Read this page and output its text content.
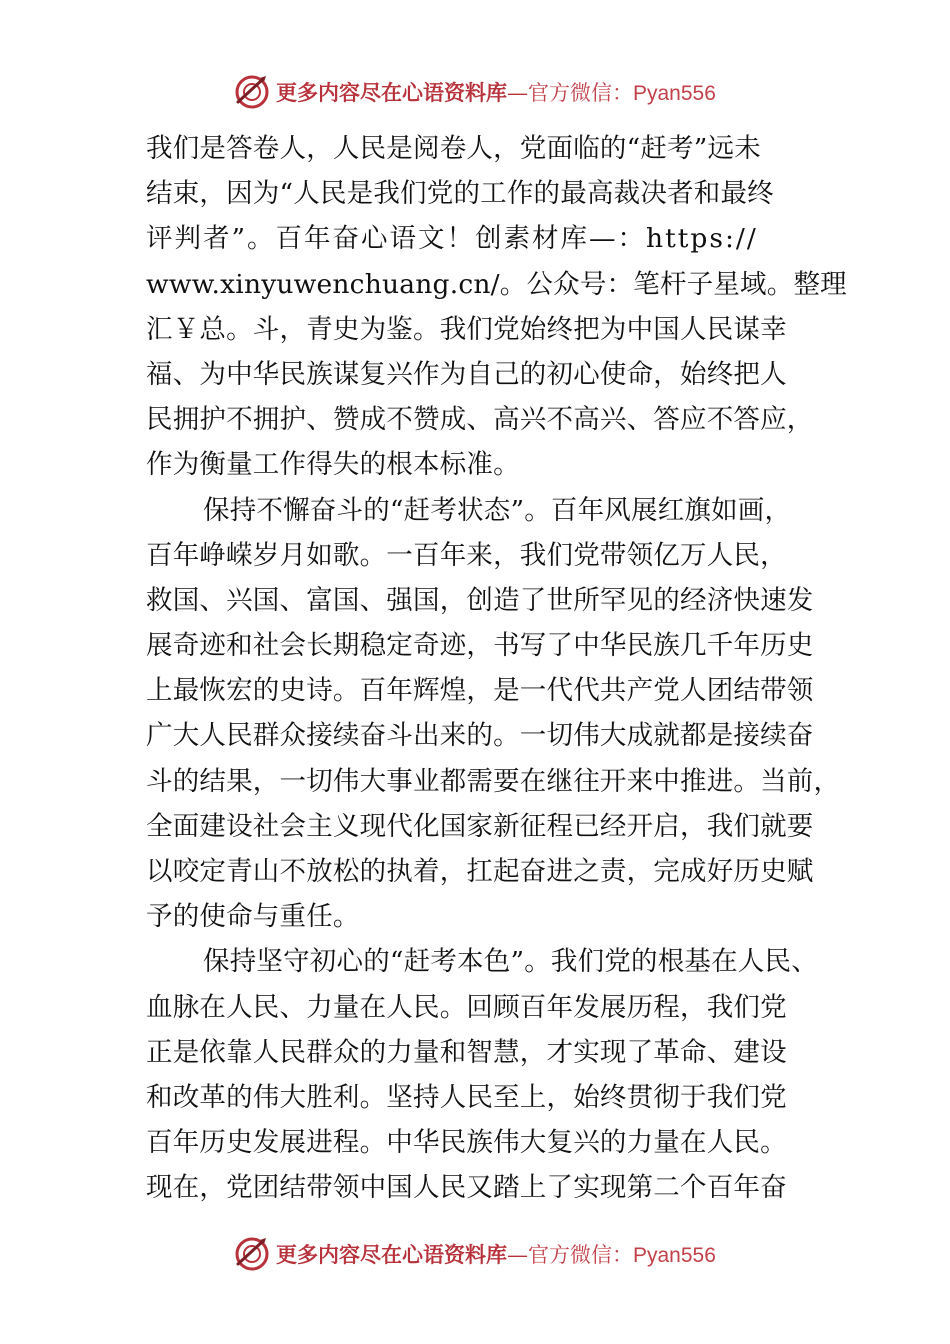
更多内容尽在心语资料库—官方微信：Pyan556
我们是答卷人，人民是阅卷人，党面临的“赶考”远未
结束，因为“人民是我们党的工作的最高裁决者和最终
评判者”。百年奋心语文！创素材库—：https://
www.xinyuwenchuang.cn/。公众号：笔杆子星域。整理
汇￥总。斗，青史为鉴。我们党始终把为中国人民谋幸
福、为中华民族谋复兴作为自己的初心使命，始终把人
民拥护不拥护、赞成不赞成、高兴不高兴、答应不答应，
作为衡量工作得失的根本标准。
保持不懈奋斗的“赶考状态”。百年风展红旗如画，
百年峥嵘岁月如歌。一百年来，我们党带领亿万人民，
救国、兴国、富国、强国，创造了世所罕见的经济快速发
展奇迹和社会长期稳定奇迹，书写了中华民族几千年历史
上最恢宏的史诗。百年辉煌，是一代代共产党人团结带领
广大人民群众接续奋斗出来的。一切伟大成就都是接续奋
斗的结果，一切伟大事业都需要在继往开来中推进。当前，
全面建设社会主义现代化国家新征程已经开启，我们就要
以咬定青山不放松的执着，扛起奋进之责，完成好历史赋
予的使命与重任。
保持坚守初心的“赶考本色”。我们党的根基在人民、
血脉在人民、力量在人民。回顾百年发展历程，我们党
正是依靠人民群众的力量和智慧，才实现了革命、建设
和改革的伟大胜利。坚持人民至上，始终贯彻于我们党
百年历史发展进程。中华民族伟大复兴的力量在人民。
现在，党团结带领中国人民又踏上了实现第二个百年奋
更多内容尽在心语资料库—官方微信：Pyan556
